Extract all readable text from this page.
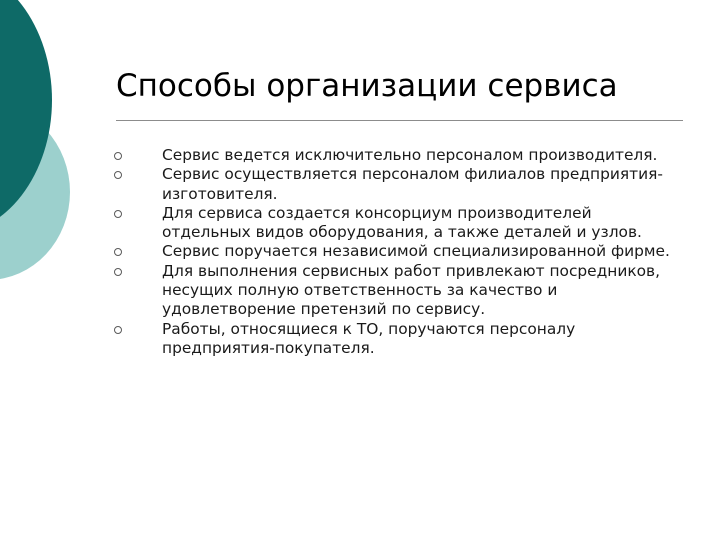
Способы организации сервиса
Сервис ведется исключительно персоналом производителя.
Сервис осуществляется персоналом филиалов предприятия-изготовителя.
Для сервиса создается консорциум производителей отдельных видов оборудования, а также деталей и узлов.
Сервис поручается независимой специализированной фирме.
Для выполнения сервисных работ привлекают посредников, несущих полную ответственность за качество и удовлетворение претензий по сервису.
Работы, относящиеся к ТО, поручаются персоналу предприятия-покупателя.
